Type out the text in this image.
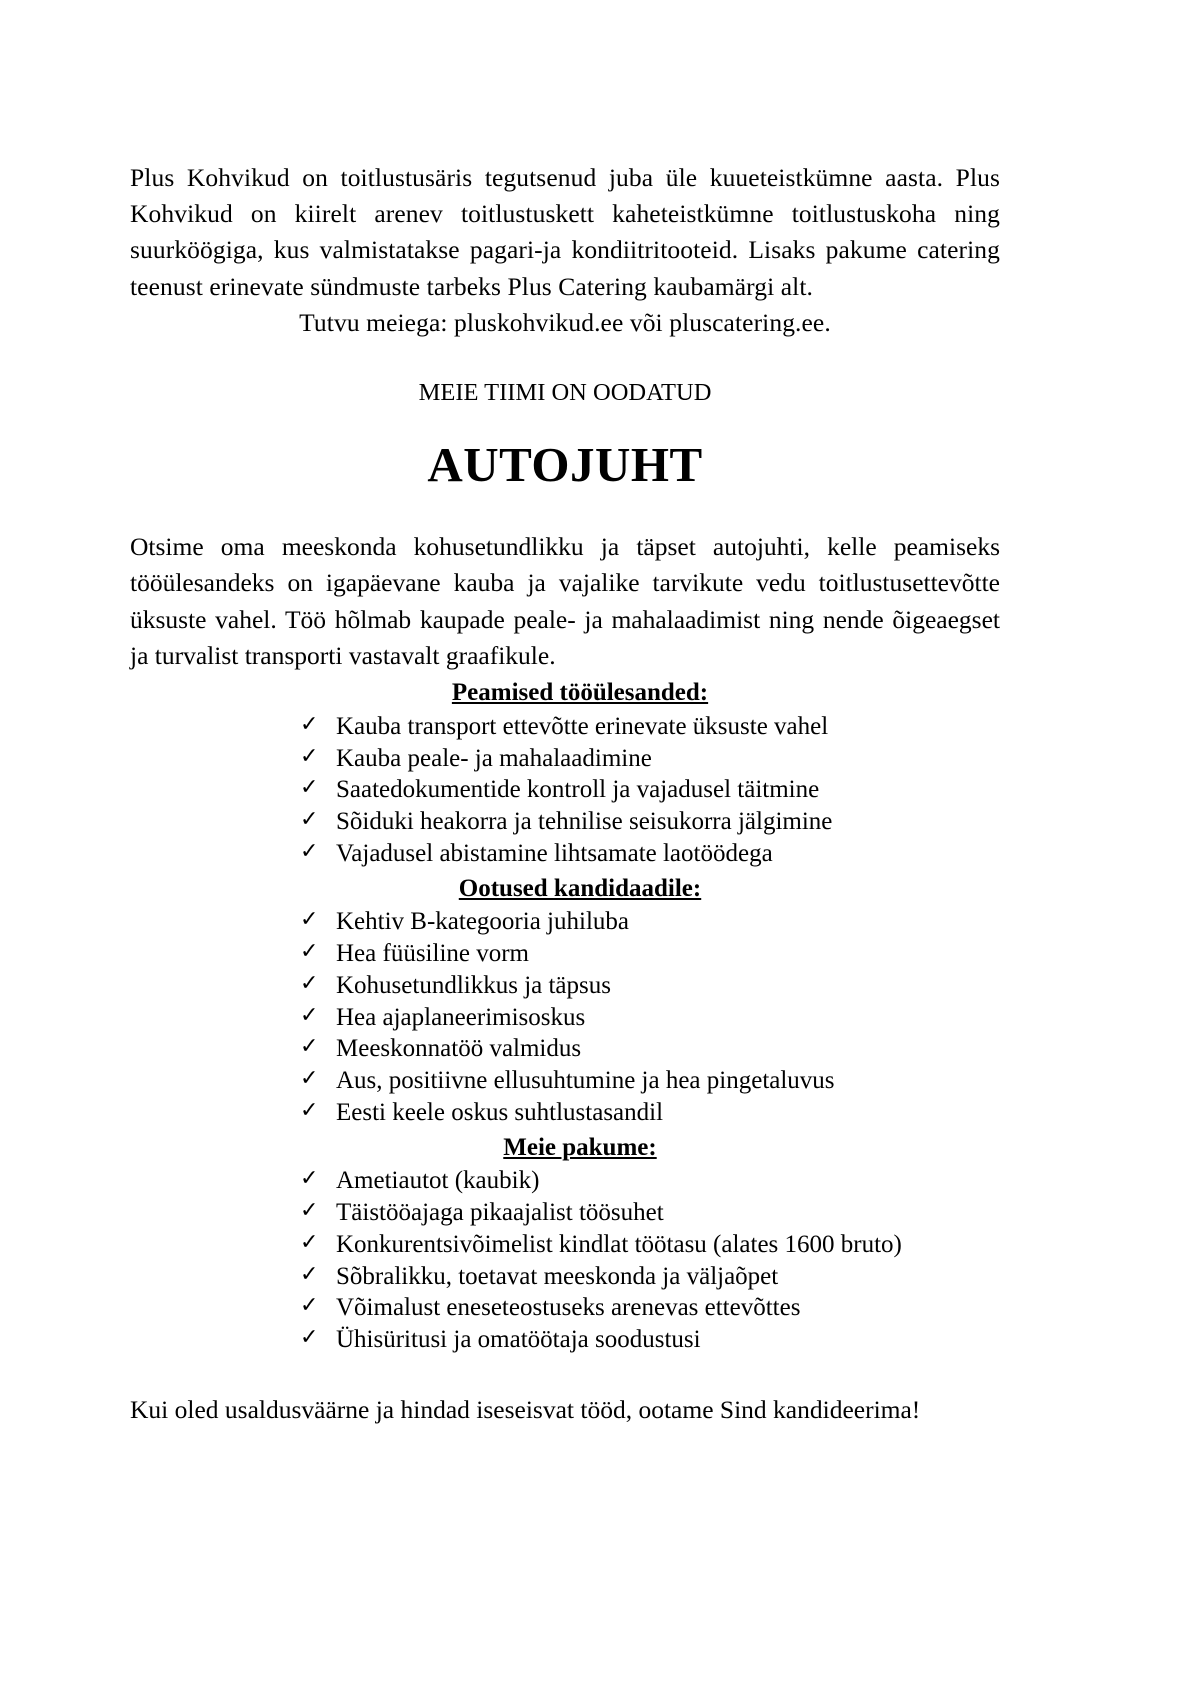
Plus Kohvikud on toitlustusäris tegutsenud juba üle kuueteistkümne aasta. Plus Kohvikud on kiirelt arenev toitlustuskett kaheteistkümne toitlustuskoha ning suurköögiga, kus valmistatakse pagari-ja kondiitritooteid. Lisaks pakume catering teenust erinevate sündmuste tarbeks Plus Catering kaubamärgi alt.
Tutvu meiega: pluskohvikud.ee või pluscatering.ee.

MEIE TIIMI ON OODATUD

AUTOJUHT

Otsime oma meeskonda kohusetundlikku ja täpset autojuhti, kelle peamiseks tööülesandeks on igapäevane kauba ja vajalike tarvikute vedu toitlustusettevõtte üksuste vahel. Töö hõlmab kaupade peale- ja mahalaadimist ning nende õigeaegset ja turvalist transporti vastavalt graafikule.

Peamised tööülesanded:
✓ Kauba transport ettevõtte erinevate üksuste vahel
✓ Kauba peale- ja mahalaadimine
✓ Saatedokumentide kontroll ja vajadusel täitmine
✓ Sõiduki heakorra ja tehnilise seisukorra jälgimine
✓ Vajadusel abistamine lihtsamate laotöödega
Ootused kandidaadile:
✓ Kehtiv B-kategooria juhiluba
✓ Hea füüsiline vorm
✓ Kohusetundlikkus ja täpsus
✓ Hea ajaplaneerimisoskus
✓ Meeskonnatöö valmidus
✓ Aus, positiivne ellusuhtumine ja hea pingetaluvus
✓ Eesti keele oskus suhtlustasandil
Meie pakume:
✓ Ametiautot (kaubik)
✓ Täistööajaga pikaajalist töösuhet
✓ Konkurentsivõimelist kindlat töötasu (alates 1600 bruto)
✓ Sõbralikku, toetavat meeskonda ja väljaõpet
✓ Võimalust eneseteostuseks arenevas ettevõttes
✓ Ühisüritusi ja omatöötaja soodustusi

Kui oled usaldusväärne ja hindad iseseisvat tööd, ootame Sind kandideerima!
